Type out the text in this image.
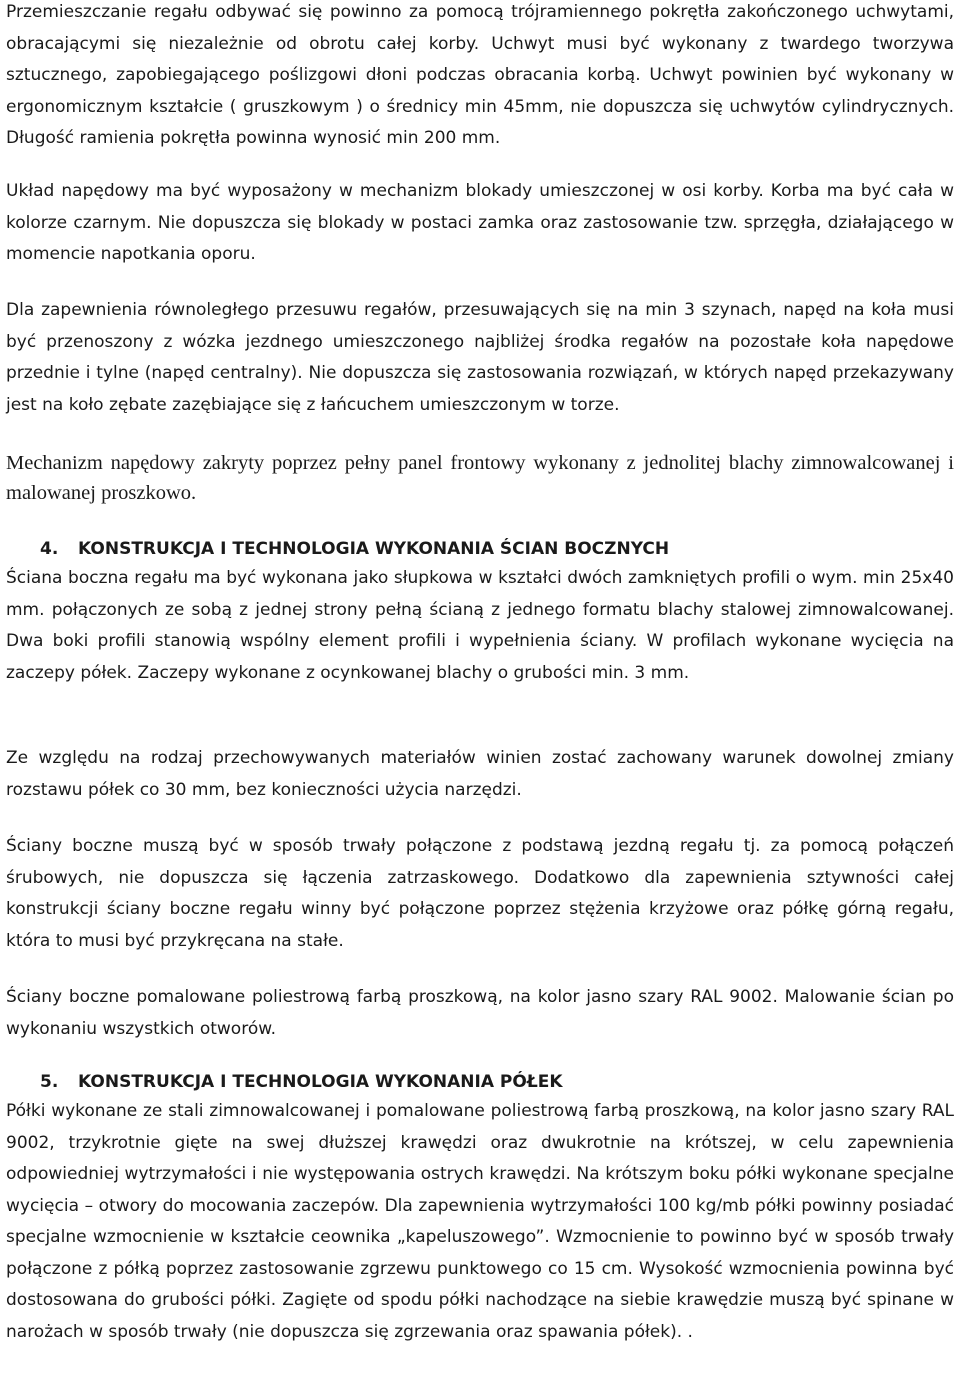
Przemieszczanie regału odbywać się powinno za pomocą trójramiennego pokrętła zakończonego uchwytami, obracającymi się niezależnie od obrotu całej korby. Uchwyt musi być wykonany z twardego tworzywa sztucznego, zapobiegającego poślizgowi dłoni podczas obracania korbą. Uchwyt powinien być wykonany w ergonomicznym kształcie ( gruszkowym ) o średnicy min 45mm, nie dopuszcza się uchwytów cylindrycznych. Długość ramienia pokrętła powinna wynosić min 200 mm.

Układ napędowy ma być wyposażony w mechanizm blokady umieszczonej w osi korby. Korba ma być cała w kolorze czarnym. Nie dopuszcza się blokady w postaci zamka oraz zastosowanie tzw. sprzęgła, działającego w momencie napotkania oporu.

Dla zapewnienia równoległego przesuwu regałów, przesuwających się na min 3 szynach, napęd na koła musi być przenoszony z wózka jezdnego umieszczonego najbliżej środka regałów na pozostałe koła napędowe przednie i tylne (napęd centralny). Nie dopuszcza się zastosowania rozwiązań, w których napęd przekazywany jest na koło zębate zazębiające się z łańcuchem umieszczonym w torze.

Mechanizm napędowy zakryty poprzez pełny panel frontowy wykonany z jednolitej blachy zimnowalcowanej i malowanej proszkowo.

4. KONSTRUKCJA I TECHNOLOGIA WYKONANIA ŚCIAN BOCZNYCH

Ściana boczna regału ma być wykonana jako słupkowa w kształci dwóch zamkniętych profili o wym. min 25x40 mm. połączonych ze sobą z jednej strony pełną ścianą z jednego formatu blachy stalowej zimnowalcowanej. Dwa boki profili stanowią wspólny element profili i wypełnienia ściany. W profilach wykonane wycięcia na zaczepy półek. Zaczepy wykonane z ocynkowanej blachy o grubości min. 3 mm.

Ze względu na rodzaj przechowywanych materiałów winien zostać zachowany warunek dowolnej zmiany rozstawu półek co 30 mm, bez konieczności użycia narzędzi.

Ściany boczne muszą być w sposób trwały połączone z podstawą jezdną regału tj. za pomocą połączeń śrubowych, nie dopuszcza się łączenia zatrzaskowego. Dodatkowo dla zapewnienia sztywności całej konstrukcji ściany boczne regału winny być połączone poprzez stężenia krzyżowe oraz półkę górną regału, która to musi być przykręcana na stałe.

Ściany boczne pomalowane poliestrową farbą proszkową, na kolor jasno szary RAL 9002. Malowanie ścian po wykonaniu wszystkich otworów.

5. KONSTRUKCJA I TECHNOLOGIA WYKONANIA PÓŁEK

Półki wykonane ze stali zimnowalcowanej i pomalowane poliestrową farbą proszkową, na kolor jasno szary RAL 9002, trzykrotnie gięte na swej dłuższej krawędzi oraz dwukrotnie na krótszej, w celu zapewnienia odpowiedniej wytrzymałości i nie występowania ostrych krawędzi. Na krótszym boku półki wykonane specjalne wycięcia – otwory do mocowania zaczepów. Dla zapewnienia wytrzymałości 100 kg/mb półki powinny posiadać specjalne wzmocnienie w kształcie ceownika „kapeluszowego”. Wzmocnienie to powinno być w sposób trwały połączone z półką poprzez zastosowanie zgrzewu punktowego co 15 cm. Wysokość wzmocnienia powinna być dostosowana do grubości półki. Zagięte od spodu półki nachodzące na siebie krawędzie muszą być spinane w narożach w sposób trwały (nie dopuszcza się zgrzewania oraz spawania półek). .
